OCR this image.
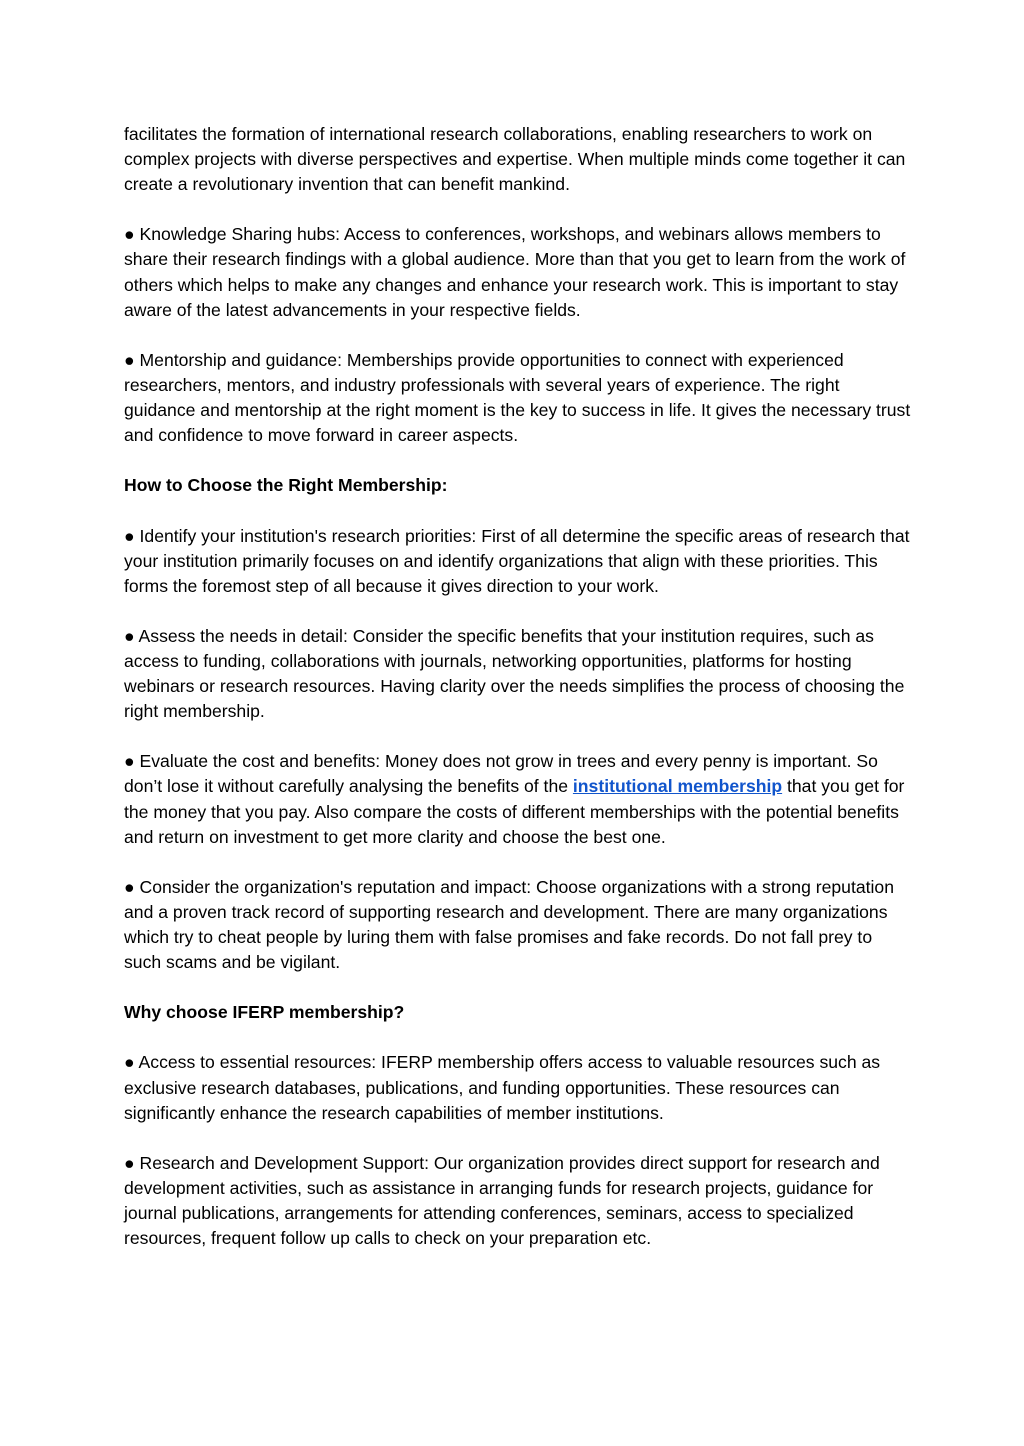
facilitates the formation of international research collaborations, enabling researchers to work on complex projects with diverse perspectives and expertise. When multiple minds come together it can create a revolutionary invention that can benefit mankind.

● Knowledge Sharing hubs: Access to conferences, workshops, and webinars allows members to share their research findings with a global audience. More than that you get to learn from the work of others which helps to make any changes and enhance your research work. This is important to stay aware of the latest advancements in your respective fields.

● Mentorship and guidance: Memberships provide opportunities to connect with experienced researchers, mentors, and industry professionals with several years of experience. The right guidance and mentorship at the right moment is the key to success in life. It gives the necessary trust and confidence to move forward in career aspects.

How to Choose the Right Membership:

● Identify your institution's research priorities: First of all determine the specific areas of research that your institution primarily focuses on and identify organizations that align with these priorities. This forms the foremost step of all because it gives direction to your work.

● Assess the needs in detail: Consider the specific benefits that your institution requires, such as access to funding, collaborations with journals, networking opportunities, platforms for hosting webinars or research resources. Having clarity over the needs simplifies the process of choosing the right membership.

● Evaluate the cost and benefits: Money does not grow in trees and every penny is important. So don’t lose it without carefully analysing the benefits of the institutional membership that you get for the money that you pay. Also compare the costs of different memberships with the potential benefits and return on investment to get more clarity and choose the best one.

● Consider the organization's reputation and impact: Choose organizations with a strong reputation and a proven track record of supporting research and development. There are many organizations which try to cheat people by luring them with false promises and fake records. Do not fall prey to such scams and be vigilant.

Why choose IFERP membership?

● Access to essential resources: IFERP membership offers access to valuable resources such as exclusive research databases, publications, and funding opportunities. These resources can significantly enhance the research capabilities of member institutions.

● Research and Development Support: Our organization provides direct support for research and development activities, such as assistance in arranging funds for research projects, guidance for journal publications, arrangements for attending conferences, seminars, access to specialized resources, frequent follow up calls to check on your preparation etc.
